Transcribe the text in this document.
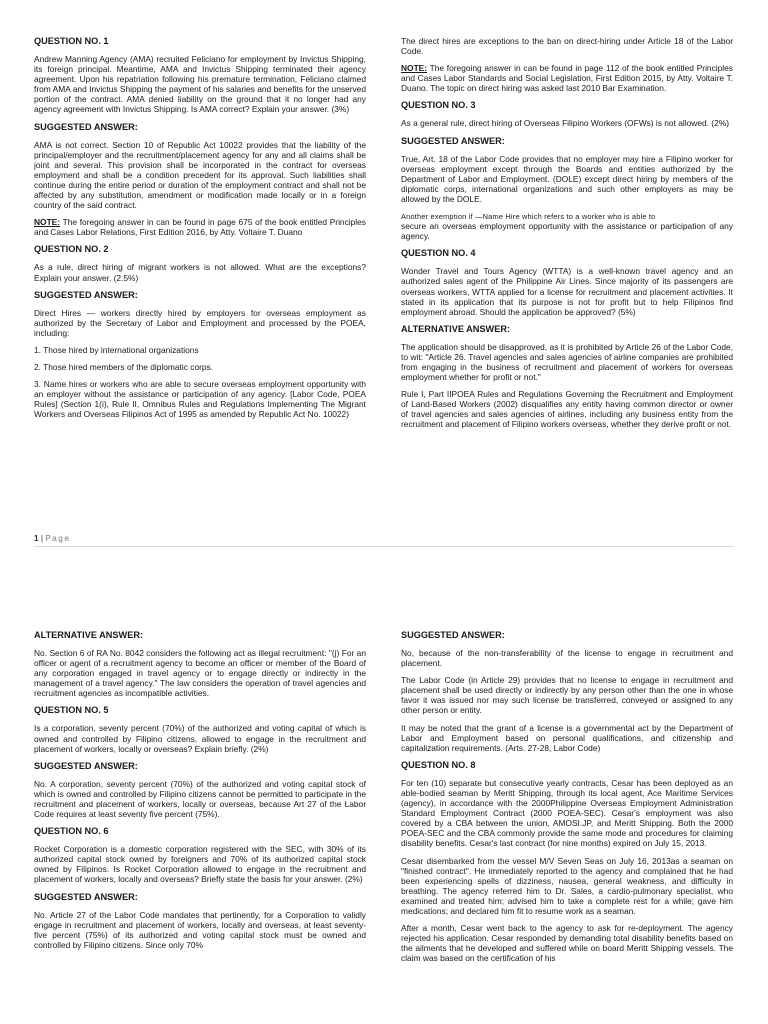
QUESTION NO. 1
Andrew Manning Agency (AMA) recruited Feliciano for employment by Invictus Shipping, its foreign principal. Meantime, AMA and Invictus Shipping terminated their agency agreement. Upon his repatriation following his premature termination, Feliciano claimed from AMA and Invictus Shipping the payment of his salaries and benefits for the unserved portion of the contract. AMA denied liability on the ground that it no longer had any agency agreement with Invictus Shipping. Is AMA correct? Explain your answer. (3%)
SUGGESTED ANSWER:
AMA is not correct. Section 10 of Republic Act 10022 provides that the liability of the principal/employer and the recruitment/placement agency for any and all claims shall be joint and several. This provision shall be incorporated in the contract for overseas employment and shall be a condition precedent for its approval. Such liabilities shall continue during the entire period or duration of the employment contract and shall not be affected by any substitution, amendment or modification made locally or in a foreign country of the said contract.
NOTE: The foregoing answer in can be found in page 675 of the book entitled Principles and Cases Labor Relations, First Edition 2016, by Atty. Voltaire T. Duano
QUESTION NO. 2
As a rule, direct hiring of migrant workers is not allowed. What are the exceptions? Explain your answer. (2.5%)
SUGGESTED ANSWER:
Direct Hires — workers directly hired by employers for overseas employment as authorized by the Secretary of Labor and Employment and processed by the POEA, including:
1. Those hired by international organizations
2. Those hired members of the diplomatic corps.
3. Name hires or workers who are able to secure overseas employment opportunity with an employer without the assistance or participation of any agency. [Labor Code, POEA Rules] (Section 1(i), Rule II, Omnibus Rules and Regulations Implementing The Migrant Workers and Overseas Filipinos Act of 1995 as amended by Republic Act No. 10022)
The direct hires are exceptions to the ban on direct-hiring under Article 18 of the Labor Code.
NOTE: The foregoing answer in can be found in page 112 of the book entitled Principles and Cases Labor Standards and Social Legislation, First Edition 2015, by Atty. Voltaire T. Duano. The topic on direct hiring was asked last 2010 Bar Examination.
QUESTION NO. 3
As a general rule, direct hiring of Overseas Filipino Workers (OFWs) is not allowed. (2%)
SUGGESTED ANSWER:
True, Art. 18 of the Labor Code provides that no employer may hire a Filipino worker for overseas employment except through the Boards and entities authorized by the Department of Labor and Employment. (DOLE) except direct hiring by members of the diplomatic corps, international organizations and such other employers as may be allowed by the DOLE.
Another exemption if —Name Hire which refers to a worker who is able to
secure an overseas employment opportunity with the assistance or participation of any agency.
QUESTION NO. 4
Wonder Travel and Tours Agency (WTTA) is a well-known travel agency and an authorized sales agent of the Philippine Air Lines. Since majority of its passengers are overseas workers, WTTA applied for a license for recruitment and placement activities. It stated in its application that its purpose is not for profit but to help Filipinos find employment abroad. Should the application be approved? (5%)
ALTERNATIVE ANSWER:
The application should be disapproved, as it is prohibited by Article 26 of the Labor Code, to wit: "Article 26. Travel agencies and sales agencies of airline companies are prohibited from engaging in the business of recruitment and placement of workers for overseas employment whether for profit or not."
Rule I, Part IIPOEA Rules and Regulations Governing the Recruitment and Employment of Land-Based Workers (2002) disqualifies any entity having common director or owner of travel agencies and sales agencies of airlines, including any business entity from the recruitment and placement of Filipino workers overseas, whether they derive profit or not.
1 | Page
ALTERNATIVE ANSWER:
No. Section 6 of RA No. 8042 considers the following act as illegal recruitment: "(j) For an officer or agent of a recruitment agency to become an officer or member of the Board of any corporation engaged in travel agency or to engage directly or indirectly in the management of a travel agency." The law considers the operation of travel agencies and recruitment agencies as incompatible activities.
QUESTION NO. 5
Is a corporation, seventy percent (70%) of the authorized and voting capital of which is owned and controlled by Filipino citizens, allowed to engage in the recruitment and placement of workers, locally or overseas? Explain briefly. (2%)
SUGGESTED ANSWER:
No. A corporation, seventy percent (70%) of the authorized and voting capital stock of which is owned and controlled by Filipino citizens cannot be permitted to participate in the recruitment and placement of workers, locally or overseas, because Art 27 of the Labor Code requires at least seventy five percent (75%).
QUESTION NO. 6
Rocket Corporation is a domestic corporation registered with the SEC, with 30% of its authorized capital stock owned by foreigners and 70% of its authorized capital stock owned by Filipinos. Is Rocket Corporation allowed to engage in the recruitment and placement of workers, locally and overseas? Briefly state the basis for your answer. (2%)
SUGGESTED ANSWER:
No. Article 27 of the Labor Code mandates that pertinently, for a Corporation to validly engage in recruitment and placement of workers, locally and overseas, at least seventy-five percent (75%) of its authorized and voting capital stock must be owned and controlled by Filipino citizens. Since only 70%
SUGGESTED ANSWER:
No, because of the non-transferability of the license to engage in recruitment and placement.
The Labor Code (in Article 29) provides that no license to engage in recruitment and placement shall be used directly or indirectly by any person other than the one in whose favor it was issued nor may such license be transferred, conveyed or assigned to any other person or entity.
It may be noted that the grant of a license is a governmental act by the Department of Labor and Employment based on personal qualifications, and citizenship and capitalization requirements. (Arts. 27-28, Labor Code)
QUESTION NO. 8
For ten (10) separate but consecutive yearly contracts, Cesar has been deployed as an able-bodied seaman by Meritt Shipping, through its local agent, Ace Maritime Services (agency), in accordance with the 2000Philippine Overseas Employment Administration Standard Employment Contract (2000 POEA-SEC). Cesar's employment was also covered by a CBA between the union, AMOSI.JP, and Meritt Shipping. Both the 2000 POEA-SEC and the CBA commonly provide the same mode and procedures for claiming disability benefits. Cesar's last contract (for nine months) expired on July 15, 2013.
Cesar disembarked from the vessel M/V Seven Seas on July 16, 2013as a seaman on "finished contract". He immediately reported to the agency and complained that he had been experiencing spells of dizziness, nausea, general weakness, and difficulty in breathing. The agency referred him to Dr. Sales, a cardio-pulmonary specialist, who examined and treated him; advised him to take a complete rest for a while; gave him medications; and declared him fit to resume work as a seaman.
After a month, Cesar went back to the agency to ask for re-deployment. The agency rejected his application. Cesar responded by demanding total disability benefits based on the ailments that he developed and suffered while on board Meritt Shipping vessels. The claim was based on the certification of his
